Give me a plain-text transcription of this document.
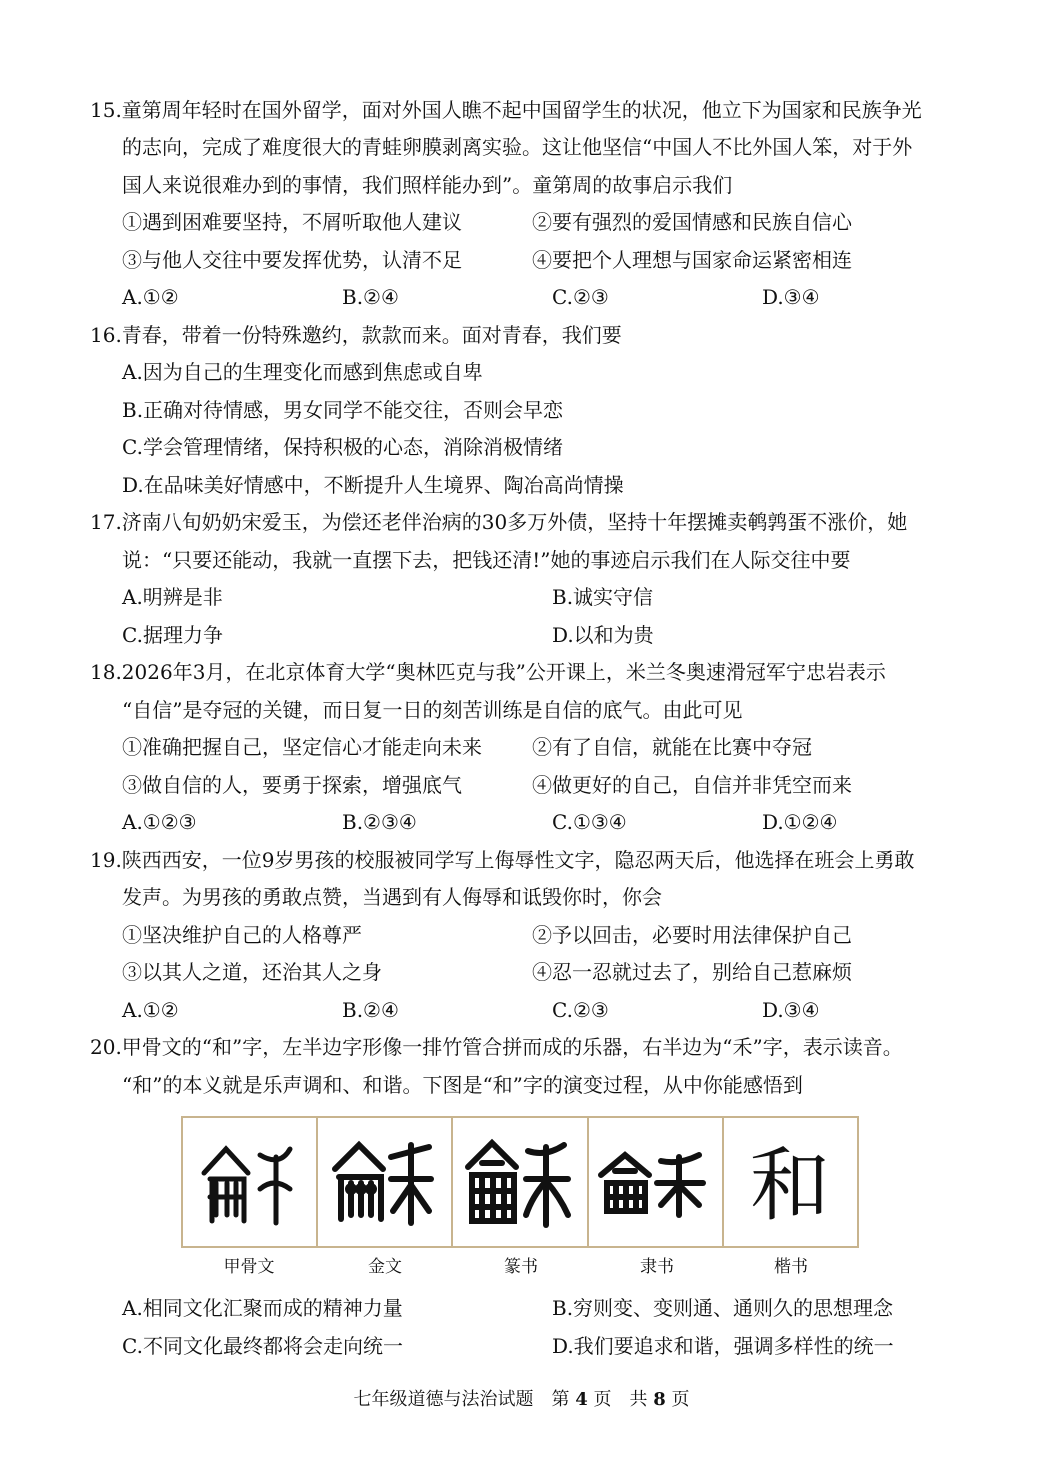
15.童第周年轻时在国外留学，面对外国人瞧不起中国留学生的状况，他立下为国家和民族争光
的志向，完成了难度很大的青蛙卵膜剥离实验。这让他坚信“中国人不比外国人笨，对于外
国人来说很难办到的事情，我们照样能办到”。童第周的故事启示我们
①遇到困难要坚持，不屑听取他人建议	②要有强烈的爱国情感和民族自信心
③与他人交往中要发挥优势，认清不足	④要把个人理想与国家命运紧密相连
A.①②	B.②④	C.②③	D.③④
16.青春，带着一份特殊邀约，款款而来。面对青春，我们要
A.因为自己的生理变化而感到焦虑或自卑
B.正确对待情感，男女同学不能交往，否则会早恋
C.学会管理情绪，保持积极的心态，消除消极情绪
D.在品味美好情感中，不断提升人生境界、陶冶高尚情操
17.济南八旬奶奶宋爱玉，为偿还老伴治病的30多万外债，坚持十年摆摊卖鹌鹑蛋不涨价，她
说：“只要还能动，我就一直摆下去，把钱还清!”她的事迹启示我们在人际交往中要
A.明辨是非	B.诚实守信
C.据理力争	D.以和为贵
18.2026年3月，在北京体育大学“奥林匹克与我”公开课上，米兰冬奥速滑冠军宁忠岩表示
“自信”是夺冠的关键，而日复一日的刻苦训练是自信的底气。由此可见
①准确把握自己，坚定信心才能走向未来	②有了自信，就能在比赛中夺冠
③做自信的人，要勇于探索，增强底气	④做更好的自己，自信并非凭空而来
A.①②③	B.②③④	C.①③④	D.①②④
19.陕西西安，一位9岁男孩的校服被同学写上侮辱性文字，隐忍两天后，他选择在班会上勇敢
发声。为男孩的勇敢点赞，当遇到有人侮辱和诋毁你时，你会
①坚决维护自己的人格尊严	②予以回击，必要时用法律保护自己
③以其人之道，还治其人之身	④忍一忍就过去了，别给自己惹麻烦
A.①②	B.②④	C.②③	D.③④
20.甲骨文的“和”字，左半边字形像一排竹管合拼而成的乐器，右半边为“禾”字，表示读音。
“和”的本义就是乐声调和、和谐。下图是“和”字的演变过程，从中你能感悟到
和
甲骨文	金文	篆书	隶书	楷书
A.相同文化汇聚而成的精神力量	B.穷则变、变则通、通则久的思想理念
C.不同文化最终都将会走向统一	D.我们要追求和谐，强调多样性的统一
七年级道德与法治试题　第 4 页　共 8 页
